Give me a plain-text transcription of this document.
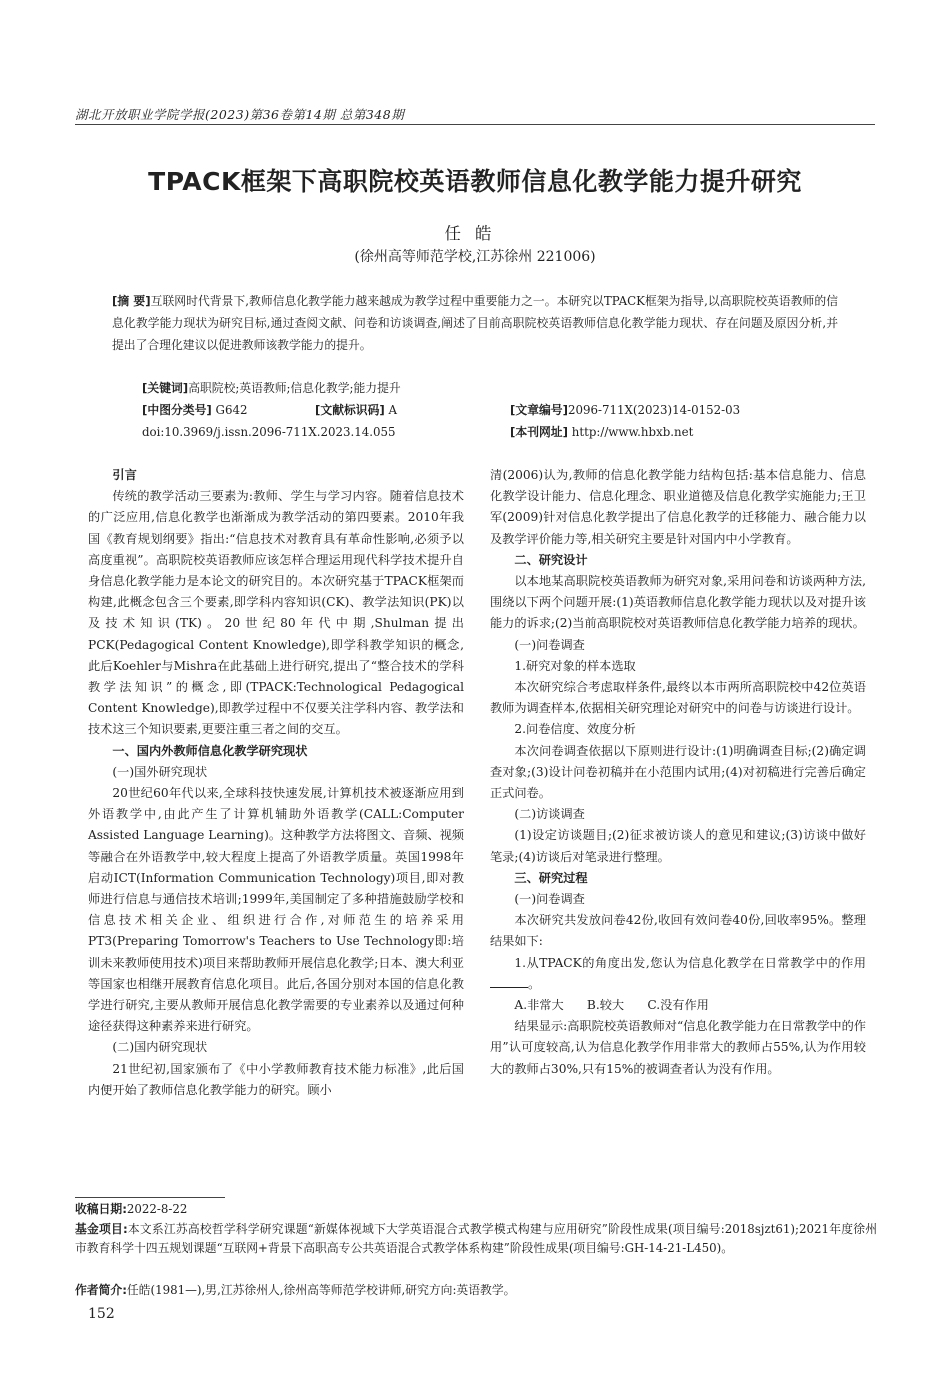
湖北开放职业学院学报(2023)第36卷第14期 总第348期
TPACK框架下高职院校英语教师信息化教学能力提升研究
任皓
(徐州高等师范学校,江苏徐州 221006)
[摘 要]互联网时代背景下,教师信息化教学能力越来越成为教学过程中重要能力之一。本研究以TPACK框架为指导,以高职院校英语教师的信息化教学能力现状为研究目标,通过查阅文献、问卷和访谈调查,阐述了目前高职院校英语教师信息化教学能力现状、存在问题及原因分析,并提出了合理化建议以促进教师该教学能力的提升。
[关键词]高职院校;英语教师;信息化教学;能力提升
[中图分类号] G642	[文献标识码] A	[文章编号]2096-711X(2023)14-0152-03
doi:10.3969/j.issn.2096-711X.2023.14.055	[本刊网址] http://www.hbxb.net

引言

传统的教学活动三要素为:教师、学生与学习内容。随着信息技术的广泛应用,信息化教学也渐渐成为教学活动的第四要素。2010年我国《教育规划纲要》指出:“信息技术对教育具有革命性影响,必须予以高度重视”。高职院校英语教师应该怎样合理运用现代科学技术提升自身信息化教学能力是本论文的研究目的。本次研究基于TPACK框架而构建,此概念包含三个要素,即学科内容知识(CK)、教学法知识(PK)以及技术知识(TK)。20世纪80年代中期,Shulman提出PCK(Pedagogical Content Knowledge),即学科教学知识的概念,此后Koehler与Mishra在此基础上进行研究,提出了“整合技术的学科教学法知识”的概念,即(TPACK:Technological Pedagogical Content Knowledge),即教学过程中不仅要关注学科内容、教学法和技术这三个知识要素,更要注重三者之间的交互。

一、国内外教师信息化教学研究现状

(一)国外研究现状

20世纪60年代以来,全球科技快速发展,计算机技术被逐渐应用到外语教学中,由此产生了计算机辅助外语教学(CALL:Computer Assisted Language Learning)。这种教学方法将图文、音频、视频等融合在外语教学中,较大程度上提高了外语教学质量。英国1998年启动ICT(Information Communication Technology)项目,即对教师进行信息与通信技术培训;1999年,美国制定了多种措施鼓励学校和信息技术相关企业、组织进行合作,对师范生的培养采用PT3(Preparing Tomorrow's Teachers to Use Technology即:培训未来教师使用技术)项目来帮助教师开展信息化教学;日本、澳大利亚等国家也相继开展教育信息化项目。此后,各国分别对本国的信息化教学进行研究,主要从教师开展信息化教学需要的专业素养以及通过何种途径获得这种素养来进行研究。

(二)国内研究现状

21世纪初,国家颁布了《中小学教师教育技术能力标准》,此后国内便开始了教师信息化教学能力的研究。顾小

清(2006)认为,教师的信息化教学能力结构包括:基本信息能力、信息化教学设计能力、信息化理念、职业道德及信息化教学实施能力;王卫军(2009)针对信息化教学提出了信息化教学的迁移能力、融合能力以及教学评价能力等,相关研究主要是针对国内中小学教育。

二、研究设计

以本地某高职院校英语教师为研究对象,采用问卷和访谈两种方法,围绕以下两个问题开展:(1)英语教师信息化教学能力现状以及对提升该能力的诉求;(2)当前高职院校对英语教师信息化教学能力培养的现状。

(一)问卷调查

1.研究对象的样本选取

本次研究综合考虑取样条件,最终以本市两所高职院校中42位英语教师为调查样本,依据相关研究理论对研究中的问卷与访谈进行设计。

2.问卷信度、效度分析

本次问卷调查依据以下原则进行设计:(1)明确调查目标;(2)确定调查对象;(3)设计问卷初稿并在小范围内试用;(4)对初稿进行完善后确定正式问卷。

(二)访谈调查

(1)设定访谈题目;(2)征求被访谈人的意见和建议;(3)访谈中做好笔录;(4)访谈后对笔录进行整理。

三、研究过程

(一)问卷调查

本次研究共发放问卷42份,收回有效问卷40份,回收率95%。整理结果如下:

1.从TPACK的角度出发,您认为信息化教学在日常教学中的作用 。

A.非常大 B.较大 C.没有作用

结果显示:高职院校英语教师对“信息化教学能力在日常教学中的作用”认可度较高,认为信息化教学作用非常大的教师占55%,认为作用较大的教师占30%,只有15%的被调查者认为没有作用。

收稿日期:2022-8-22
基金项目:本文系江苏高校哲学科学研究课题“新媒体视域下大学英语混合式教学模式构建与应用研究”阶段性成果(项目编号:2018sjzt61);2021年度徐州市教育科学十四五规划课题“互联网+背景下高职高专公共英语混合式教学体系构建”阶段性成果(项目编号:GH-14-21-L450)。
作者简介:任皓(1981—),男,江苏徐州人,徐州高等师范学校讲师,研究方向:英语教学。
152
